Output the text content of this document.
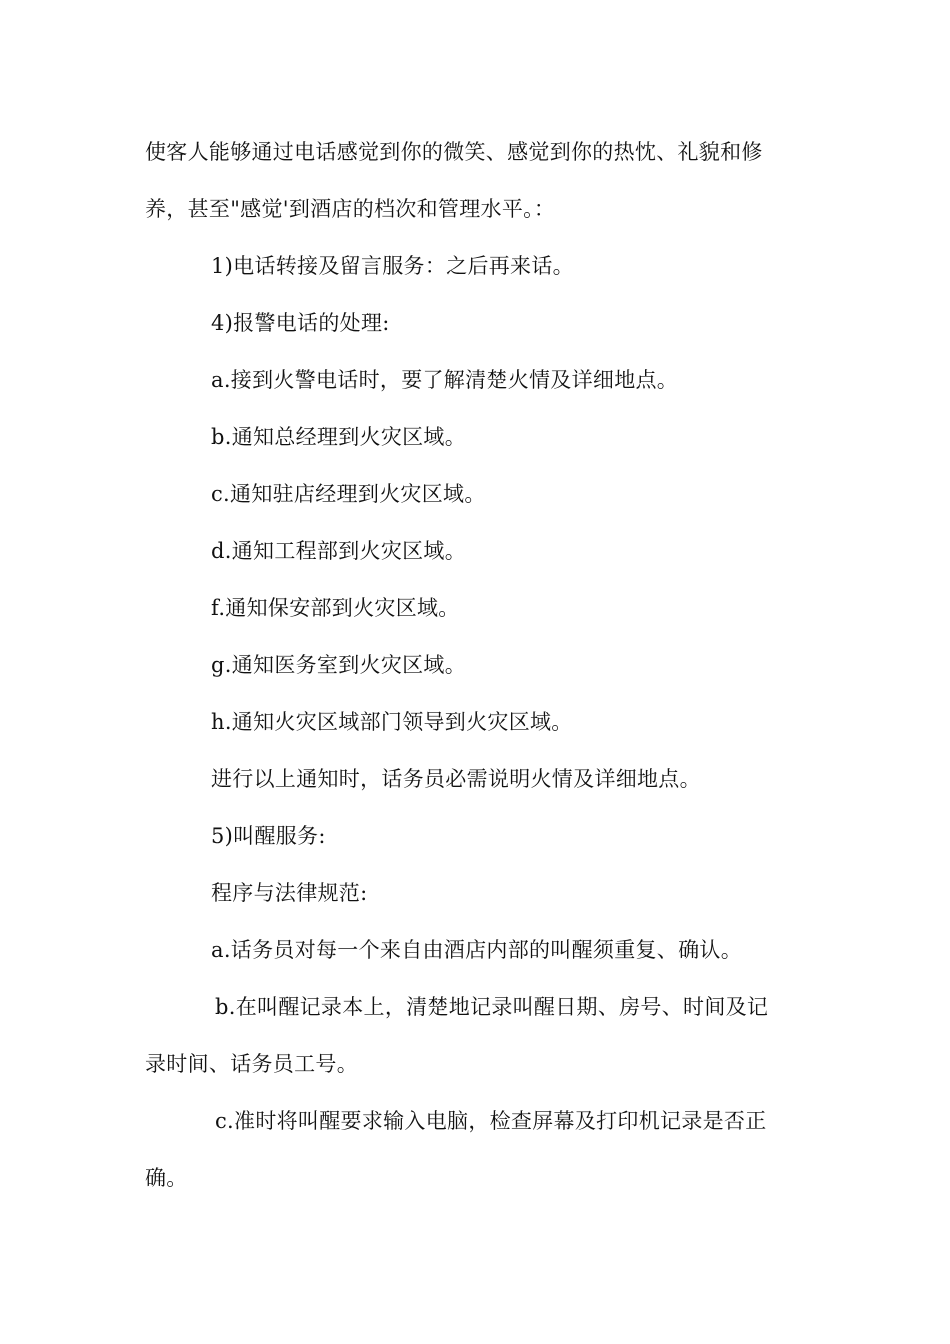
使客人能够通过电话感觉到你的微笑、感觉到你的热忱、礼貌和修
养，甚至"感觉'到酒店的档次和管理水平。：
1)电话转接及留言服务：之后再来话。
4)报警电话的处理:
a.接到火警电话时，要了解清楚火情及详细地点。
b.通知总经理到火灾区域。
c.通知驻店经理到火灾区域。
d.通知工程部到火灾区域。
f.通知保安部到火灾区域。
g.通知医务室到火灾区域。
h.通知火灾区域部门领导到火灾区域。
进行以上通知时，话务员必需说明火情及详细地点。
5)叫醒服务:
程序与法律规范:
a.话务员对每一个来自由酒店内部的叫醒须重复、确认。
b.在叫醒记录本上，清楚地记录叫醒日期、房号、时间及记
录时间、话务员工号。
c.准时将叫醒要求输入电脑，检查屏幕及打印机记录是否正
确。
